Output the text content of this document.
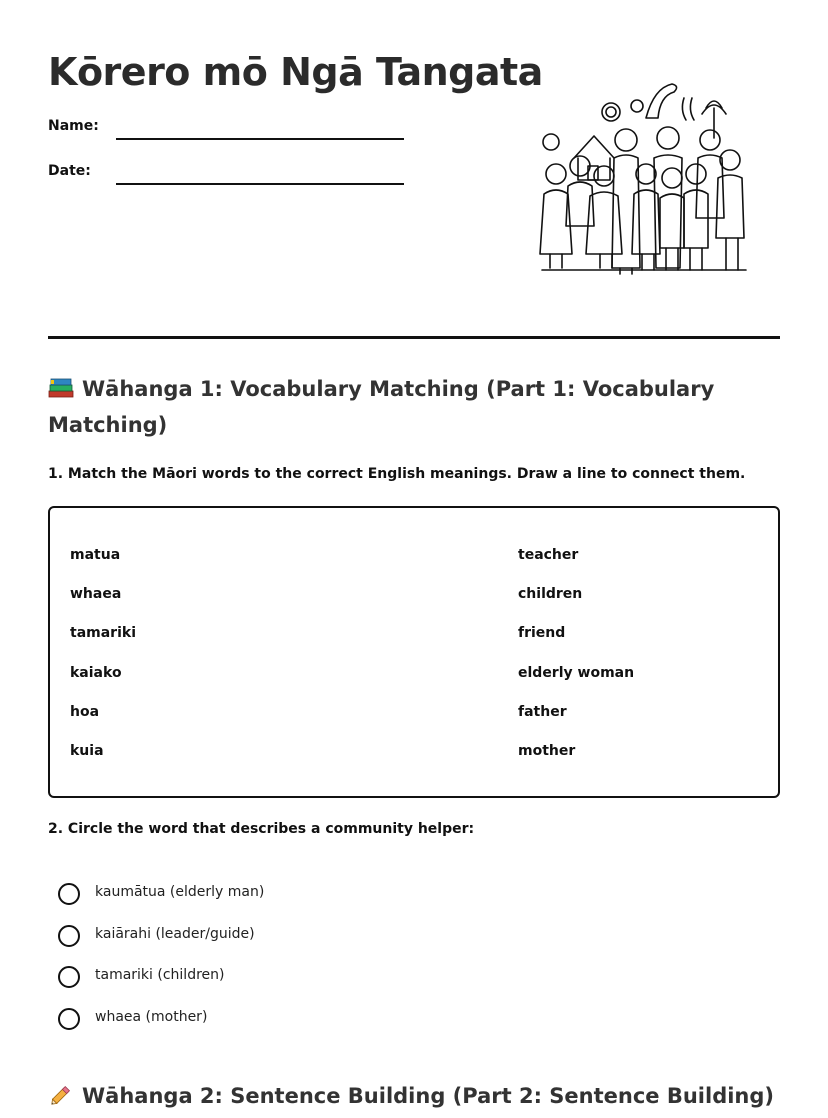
Kōrero mō Ngā Tangata
Name:
Date:
Wāhanga 1: Vocabulary Matching (Part 1: Vocabulary Matching)

1. Match the Māori words to the correct English meanings. Draw a line to connect them.

matua
whaea
tamariki
kaiako
hoa
kuia
teacher
children
friend
elderly woman
father
mother

2. Circle the word that describes a community helper:

kaumātua (elderly man)
kaiārahi (leader/guide)
tamariki (children)
whaea (mother)
Wāhanga 2: Sentence Building (Part 2: Sentence Building)
